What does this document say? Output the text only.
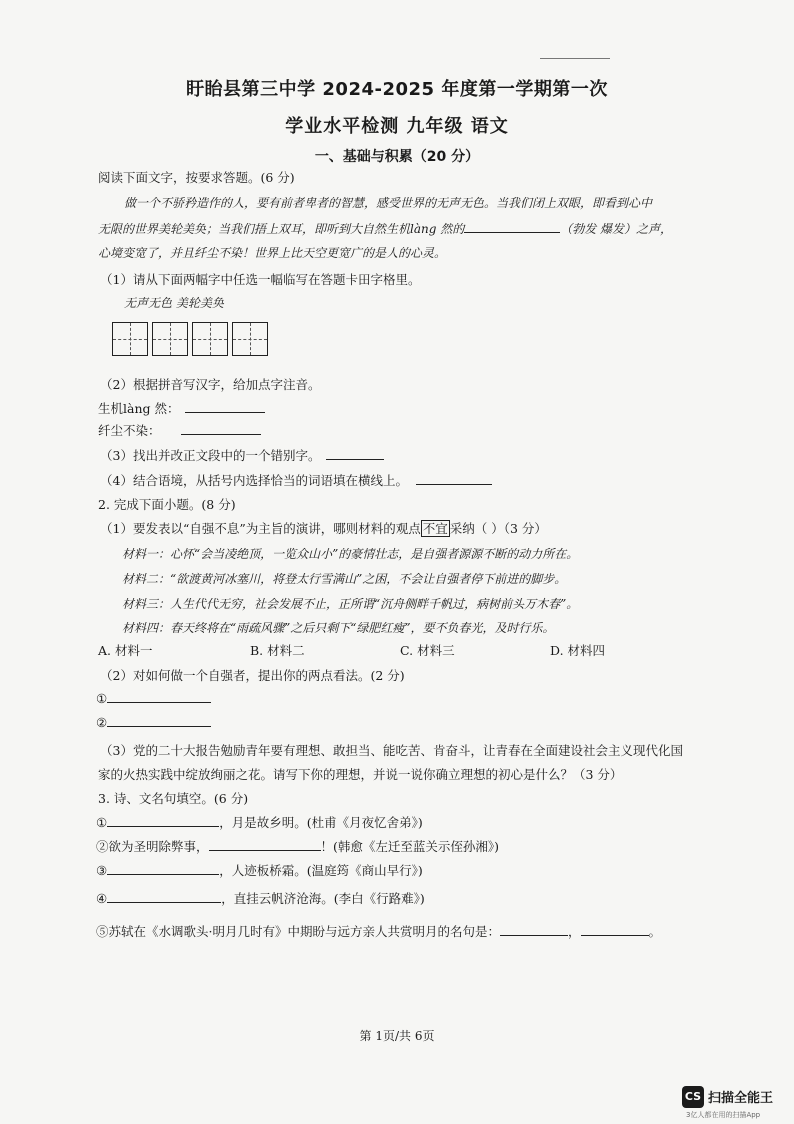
盱眙县第三中学 2024-2025 年度第一学期第一次
学业水平检测 九年级 语文
一、基础与积累（20 分）
阅读下面文字，按要求答题。(6 分)
做一个不骄矜造作的人，要有前者卑者的智慧，感受世界的无声无色。当我们闭上双眼，即看到心中
无限的世界美轮美奂；当我们捂上双耳，即听到大自然生机làng 然的	（勃发 爆发）之声，
心境变宽了，并且纤尘不染！世界上比天空更宽广的是人的心灵。
（1）请从下面两幅字中任选一幅临写在答题卡田字格里。
无声无色 美轮美奂
（2）根据拼音写汉字，给加点字注音。
生机làng 然：
纤尘不染：
（3）找出并改正文段中的一个错别字。
（4）结合语境，从括号内选择恰当的词语填在横线上。
2. 完成下面小题。(8 分)
（1）要发表以“自强不息”为主旨的演讲，哪则材料的观点 不宜 采纳（ ）（3 分）
材料一：心怀“会当凌绝顶，一览众山小”的豪情壮志，是自强者源源不断的动力所在。
材料二：“欲渡黄河冰塞川，将登太行雪满山”之困，不会让自强者停下前进的脚步。
材料三：人生代代无穷，社会发展不止，正所谓“沉舟侧畔千帆过，病树前头万木春”。
材料四：春天终将在“雨疏风骤”之后只剩下“绿肥红瘦”，要不负春光，及时行乐。
A. 材料一	B. 材料二	C. 材料三	D. 材料四
（2）对如何做一个自强者，提出你的两点看法。(2 分)
①
②
（3）党的二十大报告勉励青年要有理想、敢担当、能吃苦、肯奋斗，让青春在全面建设社会主义现代化国
家的火热实践中绽放绚丽之花。请写下你的理想，并说一说你确立理想的初心是什么？（3 分）
3. 诗、文名句填空。(6 分)
①	，月是故乡明。(杜甫《月夜忆舍弟》)
②欲为圣明除弊事，	！(韩愈《左迁至蓝关示侄孙湘》)
③	，人迹板桥霜。(温庭筠《商山早行》)
④	，直挂云帆济沧海。(李白《行路难》)
⑤苏轼在《水调歌头·明月几时有》中期盼与远方亲人共赏明月的名句是：	，	。
第 1页/共 6页
CS 扫描全能王
3亿人都在用的扫描App
